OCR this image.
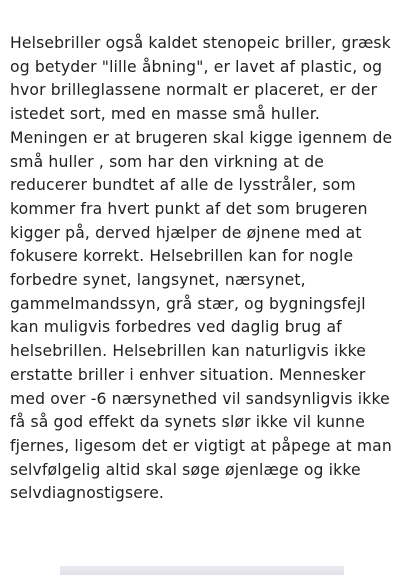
Helsebriller også kaldet stenopeic briller, græsk
og betyder "lille åbning", er lavet af plastic, og
hvor brilleglassene normalt er placeret, er der
istedet sort, med en masse små huller.
Meningen er at brugeren skal kigge igennem de
små huller , som har den virkning at de
reducerer bundtet af alle de lysstråler, som
kommer fra hvert punkt af det som brugeren
kigger på, derved hjælper de øjnene med at
fokusere korrekt. Helsebrillen kan for nogle
forbedre synet, langsynet, nærsynet,
gammelmandssyn, grå stær, og bygningsfejl
kan muligvis forbedres ved daglig brug af
helsebrillen. Helsebrillen kan naturligvis ikke
erstatte briller i enhver situation. Mennesker
med over -6 nærsynethed vil sandsynligvis ikke
få så god effekt da synets slør ikke vil kunne
fjernes, ligesom det er vigtigt at påpege at man
selvfølgelig altid skal søge øjenlæge og ikke
selvdiagnostigsere.
